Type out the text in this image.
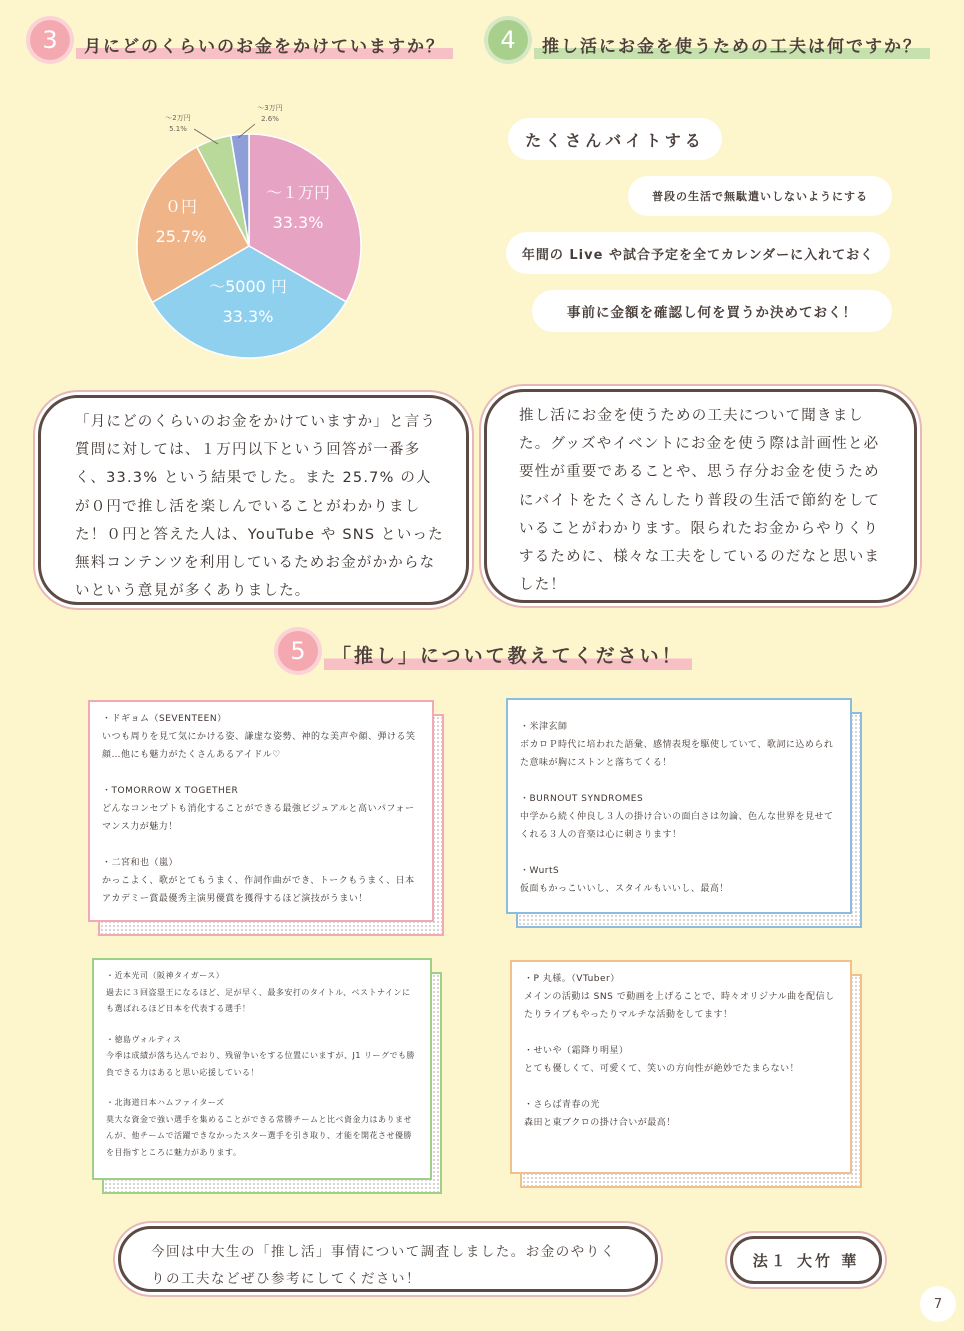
3	月にどのくらいのお金をかけていますか？	4	推し活にお金を使うための工夫は何ですか？
〜１万円
33.3%
〜5000 円
33.3%
０円
25.7%
〜2万円
5.1%
〜3万円
2.6%
たくさんバイトする
普段の生活で無駄遣いしないようにする
年間の Live や試合予定を全てカレンダーに入れておく
事前に金額を確認し何を買うか決めておく！
「月にどのくらいのお金をかけていますか」と言う質問に対しては、１万円以下という回答が一番多く、33.3% という結果でした。また 25.7% の人が０円で推し活を楽しんでいることがわかりました！０円と答えた人は、YouTube や SNS といった無料コンテンツを利用しているためお金がかからないという意見が多くありました。
推し活にお金を使うための工夫について聞きました。グッズやイベントにお金を使う際は計画性と必要性が重要であることや、思う存分お金を使うためにバイトをたくさんしたり普段の生活で節約をしていることがわかります。限られたお金からやりくりするために、様々な工夫をしているのだなと思いました！
5	「推し」について教えてください！
・ドギョム（SEVENTEEN）
いつも周りを見て気にかける姿、謙虚な姿勢、神的な美声や顔、弾ける笑顔…他にも魅力がたくさんあるアイドル♡
・TOMORROW X TOGETHER
どんなコンセプトも消化することができる最強ビジュアルと高いパフォーマンス力が魅力！
・二宮和也（嵐）
かっこよく、歌がとてもうまく、作詞作曲ができ、トークもうまく、日本アカデミー賞最優秀主演男優賞を獲得するほど演技がうまい！
・米津玄師
ボカロＰ時代に培われた語彙、感情表現を駆使していて、歌詞に込められた意味が胸にストンと落ちてくる！
・BURNOUT SYNDROMES
中学から続く仲良し３人の掛け合いの面白さは勿論、色んな世界を見せてくれる３人の音楽は心に刺さります！
・WurtS
仮面もかっこいいし、スタイルもいいし、最高！
・近本光司（阪神タイガース）
過去に３回盗塁王になるほど、足が早く、最多安打のタイトル、ベストナインにも選ばれるほど日本を代表する選手！
・徳島ヴォルティス
今季は成績が落ち込んでおり、残留争いをする位置にいますが、J1 リーグでも勝負できる力はあると思い応援している！
・北海道日本ハムファイターズ
莫大な資金で強い選手を集めることができる常勝チームと比べ資金力はありませんが、他チームで活躍できなかったスター選手を引き取り、才能を開花させ優勝を目指すところに魅力があります。
・P 丸様。（VTuber）
メインの活動は SNS で動画を上げることで、時々オリジナル曲を配信したりライブもやったりマルチな活動をしてます！
・せいや（霜降り明星）
とても優しくて、可愛くて、笑いの方向性が絶妙でたまらない！
・さらば青春の光
森田と東ブクロの掛け合いが最高！
今回は中大生の「推し活」事情について調査しました。お金のやりくりの工夫などぜひ参考にしてください！
法１ 大竹 華
7
